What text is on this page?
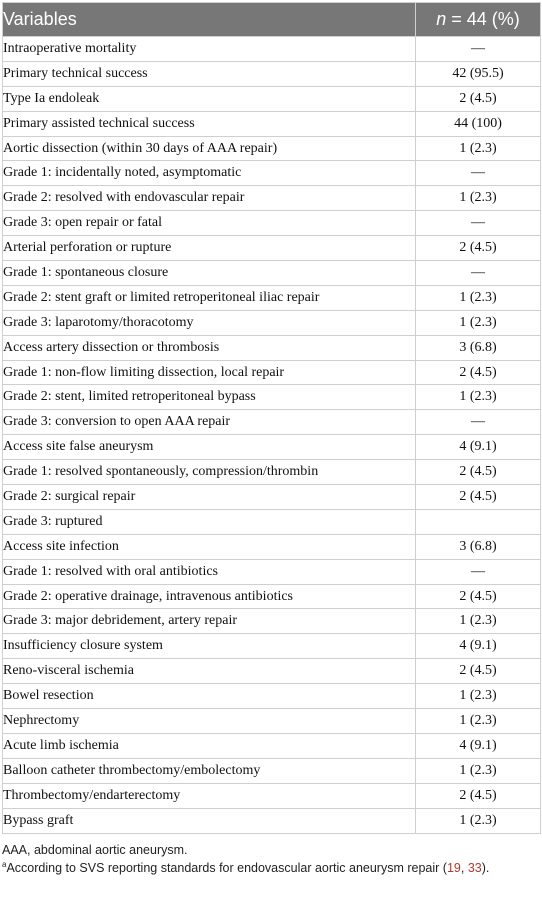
Variables	n = 44 (%)
Intraoperative mortality	—
Primary technical success	42 (95.5)
Type Ia endoleak	2 (4.5)
Primary assisted technical success	44 (100)
Aortic dissection (within 30 days of AAA repair)	1 (2.3)
Grade 1: incidentally noted, asymptomatic	—
Grade 2: resolved with endovascular repair	1 (2.3)
Grade 3: open repair or fatal	—
Arterial perforation or rupture	2 (4.5)
Grade 1: spontaneous closure	—
Grade 2: stent graft or limited retroperitoneal iliac repair	1 (2.3)
Grade 3: laparotomy/thoracotomy	1 (2.3)
Access artery dissection or thrombosis	3 (6.8)
Grade 1: non-flow limiting dissection, local repair	2 (4.5)
Grade 2: stent, limited retroperitoneal bypass	1 (2.3)
Grade 3: conversion to open AAA repair	—
Access site false aneurysm	4 (9.1)
Grade 1: resolved spontaneously, compression/thrombin	2 (4.5)
Grade 2: surgical repair	2 (4.5)
Grade 3: ruptured	
Access site infection	3 (6.8)
Grade 1: resolved with oral antibiotics	—
Grade 2: operative drainage, intravenous antibiotics	2 (4.5)
Grade 3: major debridement, artery repair	1 (2.3)
Insufficiency closure system	4 (9.1)
Reno-visceral ischemia	2 (4.5)
Bowel resection	1 (2.3)
Nephrectomy	1 (2.3)
Acute limb ischemia	4 (9.1)
Balloon catheter thrombectomy/embolectomy	1 (2.3)
Thrombectomy/endarterectomy	2 (4.5)
Bypass graft	1 (2.3)
AAA, abdominal aortic aneurysm.
$^a$According to SVS reporting standards for endovascular aortic aneurysm repair (19, 33).
